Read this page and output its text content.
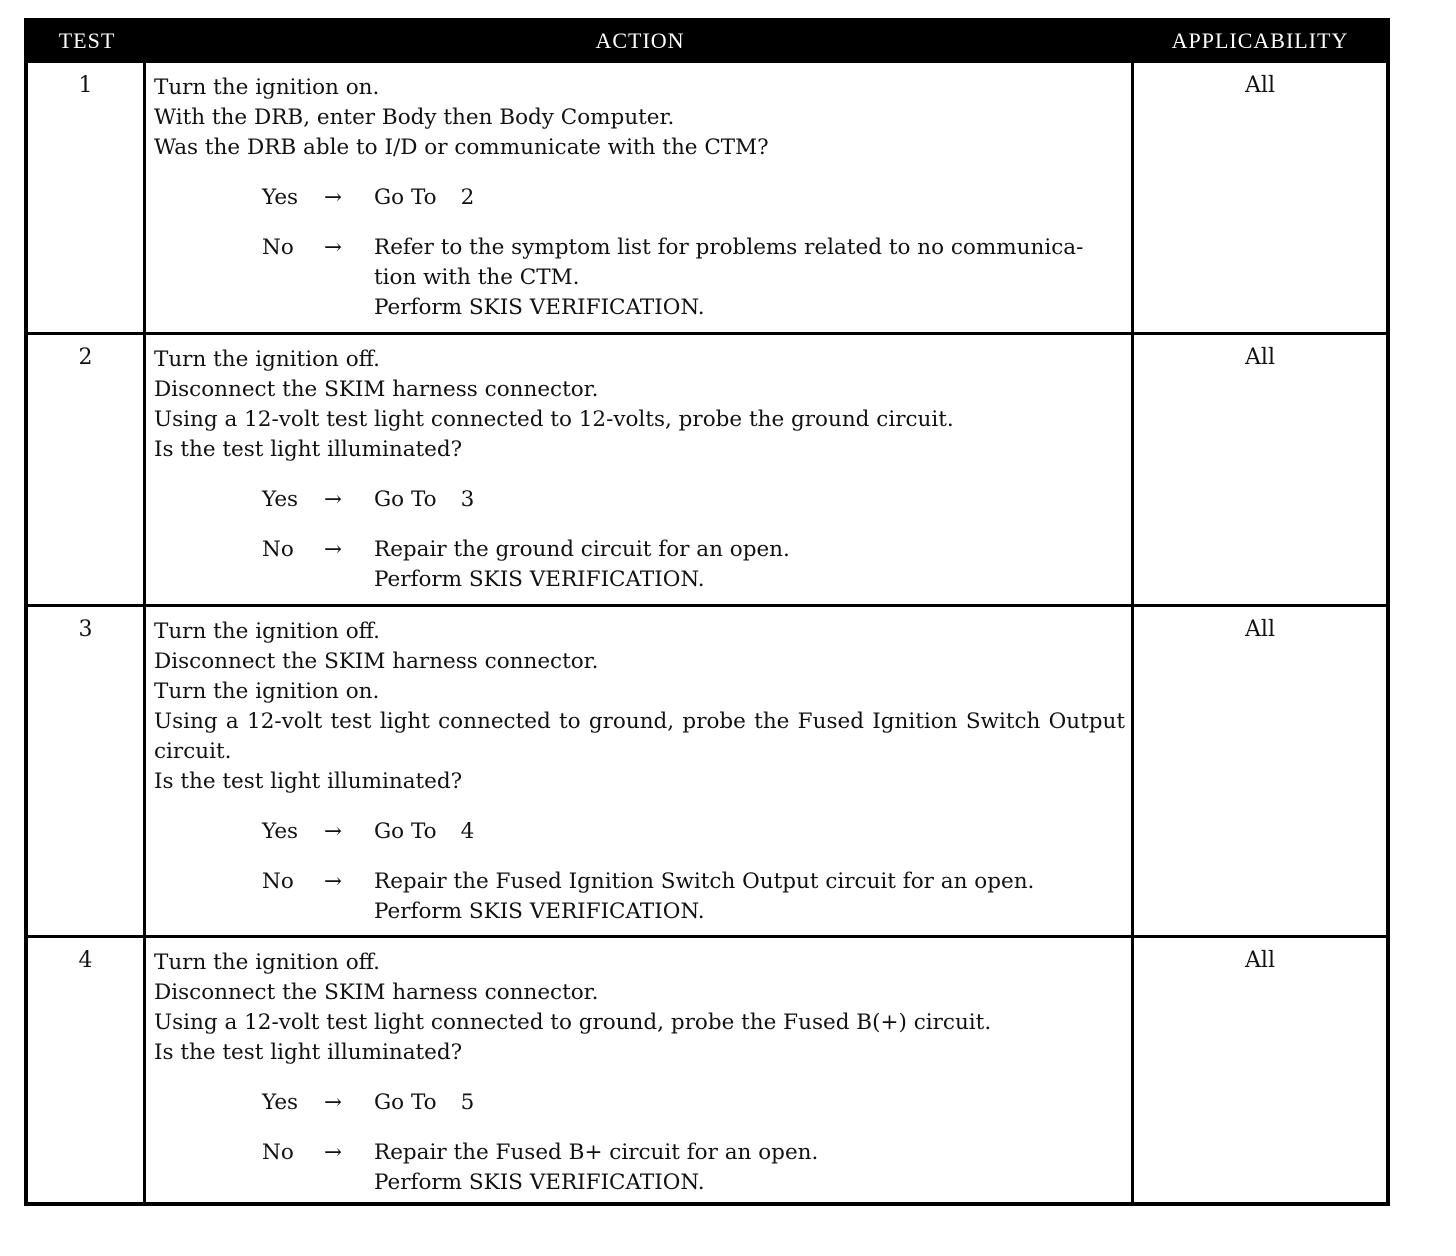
TEST	ACTION	APPLICABILITY
1	Turn the ignition on.
With the DRB, enter Body then Body Computer.
Was the DRB able to I/D or communicate with the CTM?
Yes → Go To 2
No → Refer to the symptom list for problems related to no communica-
tion with the CTM.
Perform SKIS VERIFICATION.
All
2	Turn the ignition off.
Disconnect the SKIM harness connector.
Using a 12-volt test light connected to 12-volts, probe the ground circuit.
Is the test light illuminated?
Yes → Go To 3
No → Repair the ground circuit for an open.
Perform SKIS VERIFICATION.
All
3	Turn the ignition off.
Disconnect the SKIM harness connector.
Turn the ignition on.
Using a 12-volt test light connected to ground, probe the Fused Ignition Switch Output circuit.
Is the test light illuminated?
Yes → Go To 4
No → Repair the Fused Ignition Switch Output circuit for an open.
Perform SKIS VERIFICATION.
All
4	Turn the ignition off.
Disconnect the SKIM harness connector.
Using a 12-volt test light connected to ground, probe the Fused B(+) circuit.
Is the test light illuminated?
Yes → Go To 5
No → Repair the Fused B+ circuit for an open.
Perform SKIS VERIFICATION.
All
